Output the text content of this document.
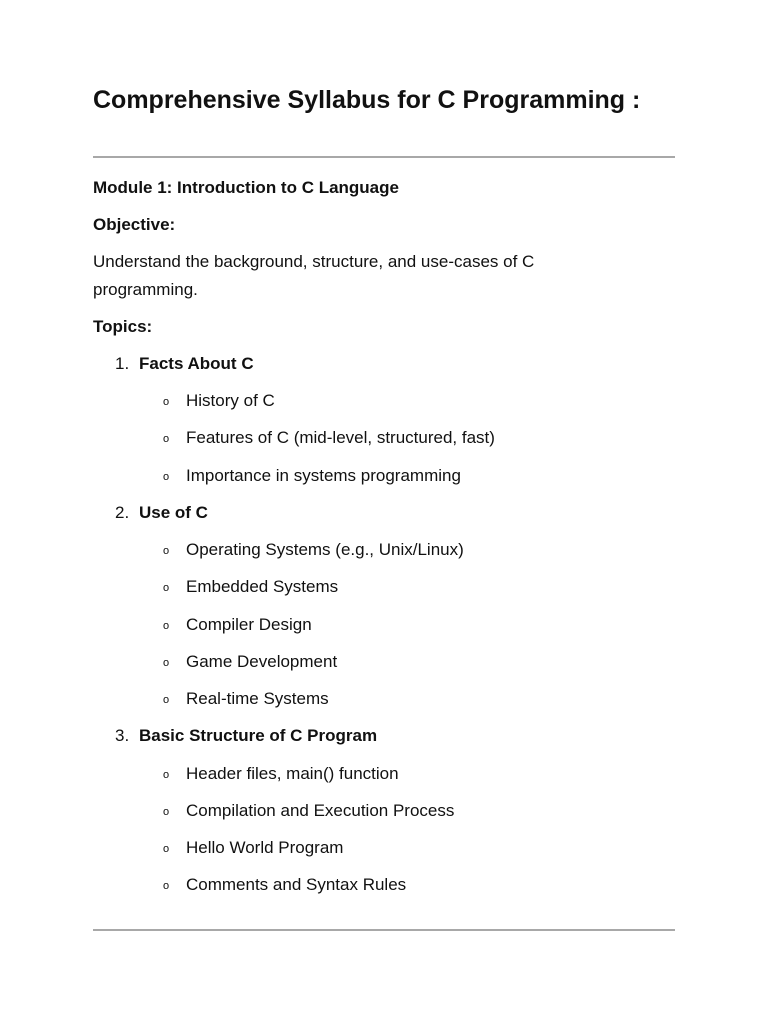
Comprehensive Syllabus for C Programming :
Module 1: Introduction to C Language
Objective:
Understand the background, structure, and use-cases of C programming.
Topics:
1. Facts About C
o History of C
o Features of C (mid-level, structured, fast)
o Importance in systems programming
2. Use of C
o Operating Systems (e.g., Unix/Linux)
o Embedded Systems
o Compiler Design
o Game Development
o Real-time Systems
3. Basic Structure of C Program
o Header files, main() function
o Compilation and Execution Process
o Hello World Program
o Comments and Syntax Rules
